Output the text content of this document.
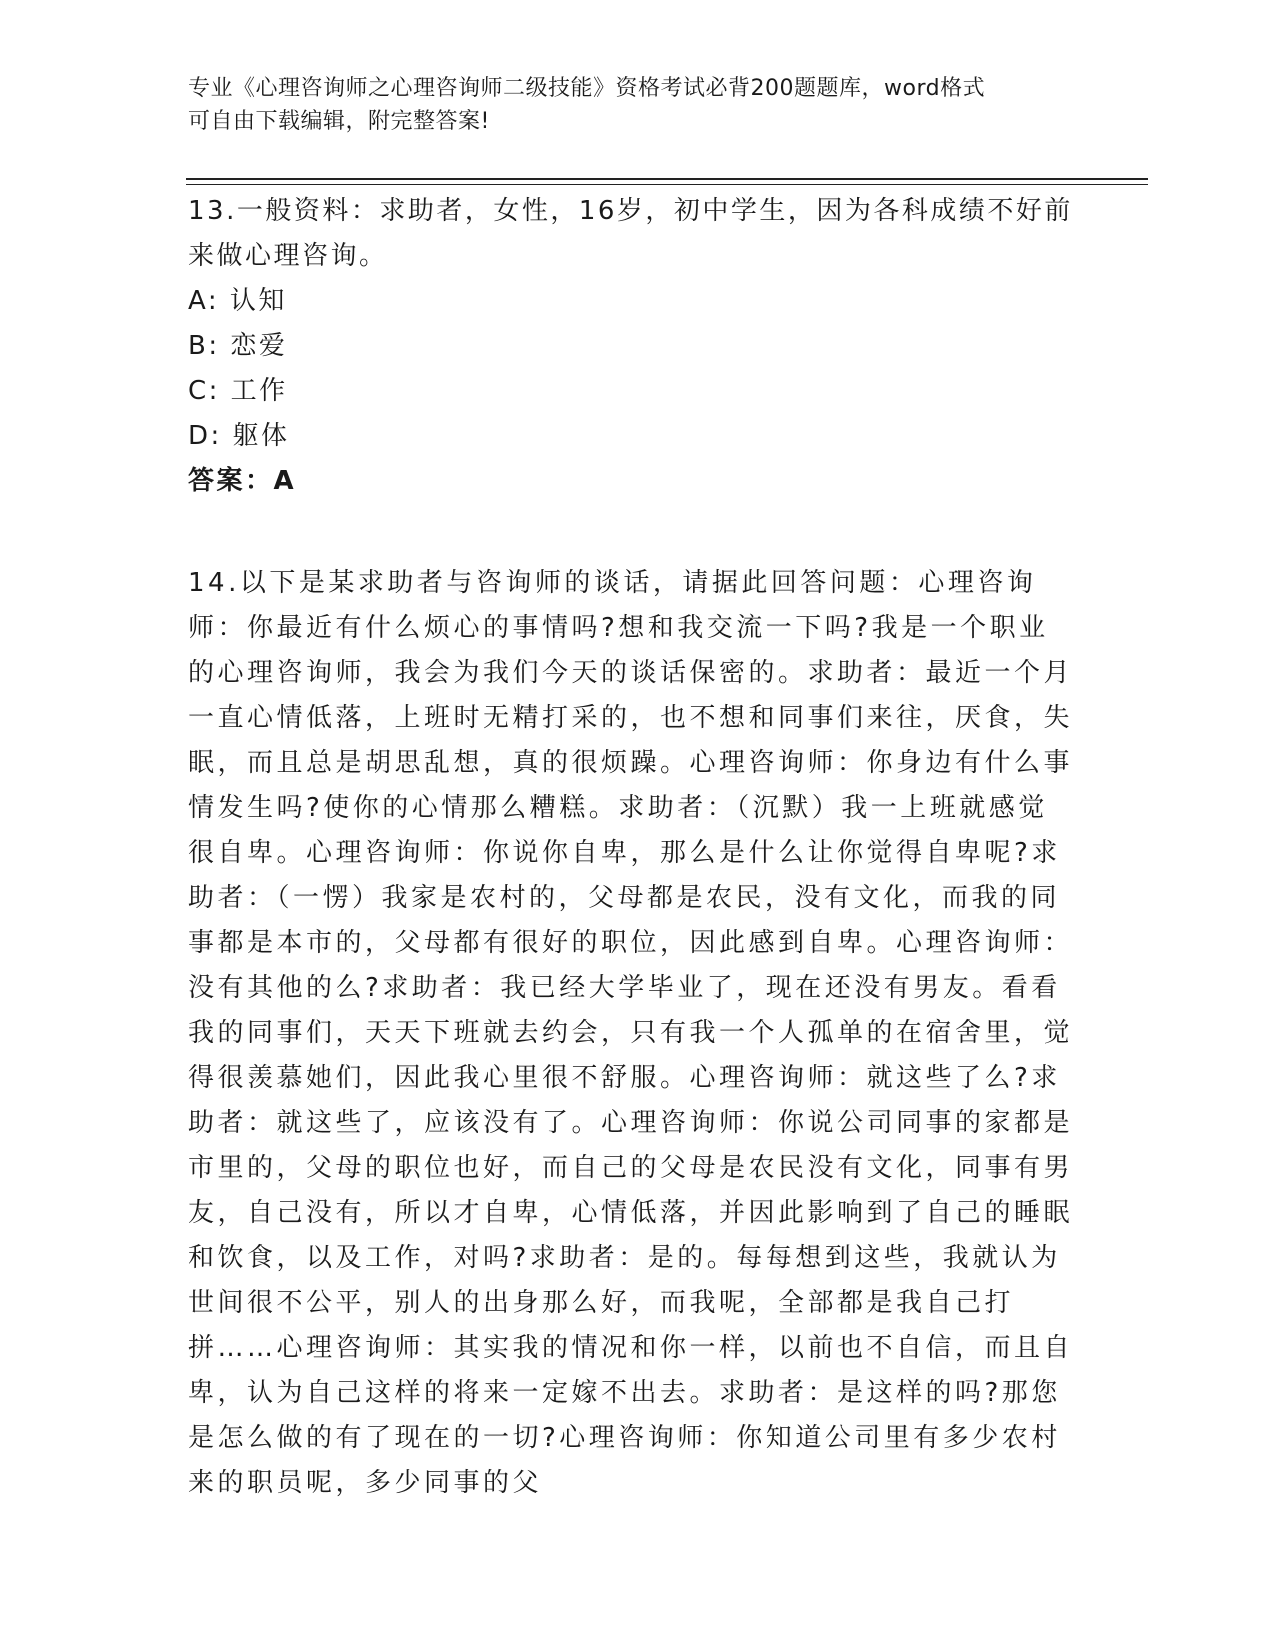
专业《心理咨询师之心理咨询师二级技能》资格考试必背200题题库，word格式
可自由下载编辑，附完整答案!

13.一般资料：求助者，女性，16岁，初中学生，因为各科成绩不好前来做心理咨询。

A: 认知

B: 恋爱

C: 工作

D: 躯体

答案：A

14.以下是某求助者与咨询师的谈话，请据此回答问题：心理咨询师：你最近有什么烦心的事情吗?想和我交流一下吗?我是一个职业的心理咨询师，我会为我们今天的谈话保密的。求助者：最近一个月一直心情低落，上班时无精打采的，也不想和同事们来往，厌食，失眠，而且总是胡思乱想，真的很烦躁。心理咨询师：你身边有什么事情发生吗?使你的心情那么糟糕。求助者：（沉默）我一上班就感觉很自卑。心理咨询师：你说你自卑，那么是什么让你觉得自卑呢?求助者：（一愣）我家是农村的，父母都是农民，没有文化，而我的同事都是本市的，父母都有很好的职位，因此感到自卑。心理咨询师：没有其他的么?求助者：我已经大学毕业了，现在还没有男友。看看我的同事们，天天下班就去约会，只有我一个人孤单的在宿舍里，觉得很羡慕她们，因此我心里很不舒服。心理咨询师：就这些了么?求助者：就这些了，应该没有了。心理咨询师：你说公司同事的家都是市里的，父母的职位也好，而自己的父母是农民没有文化，同事有男友，自己没有，所以才自卑，心情低落，并因此影响到了自己的睡眠和饮食，以及工作，对吗?求助者：是的。每每想到这些，我就认为世间很不公平，别人的出身那么好，而我呢，全部都是我自己打拼……心理咨询师：其实我的情况和你一样，以前也不自信，而且自卑，认为自己这样的将来一定嫁不出去。求助者：是这样的吗?那您是怎么做的有了现在的一切?心理咨询师：你知道公司里有多少农村来的职员呢，多少同事的父
